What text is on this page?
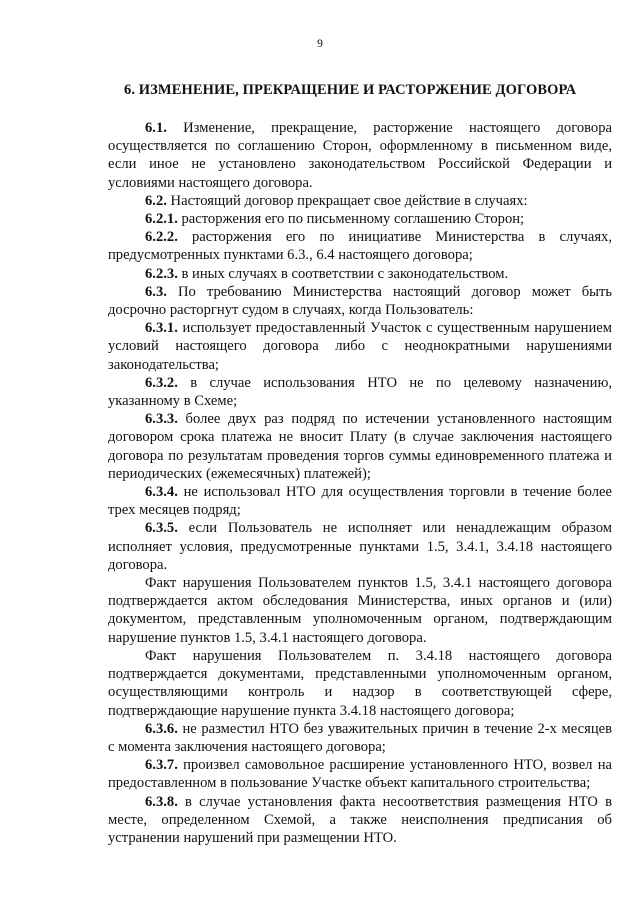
9
6. ИЗМЕНЕНИЕ, ПРЕКРАЩЕНИЕ И РАСТОРЖЕНИЕ ДОГОВОРА

6.1. Изменение, прекращение, расторжение настоящего договора осуществляется по соглашению Сторон, оформленному в письменном виде, если иное не установлено законодательством Российской Федерации и условиями настоящего договора.

6.2. Настоящий договор прекращает свое действие в случаях:

6.2.1. расторжения его по письменному соглашению Сторон;

6.2.2. расторжения его по инициативе Министерства в случаях, предусмотренных пунктами 6.3., 6.4 настоящего договора;

6.2.3. в иных случаях в соответствии с законодательством.

6.3. По требованию Министерства настоящий договор может быть досрочно расторгнут судом в случаях, когда Пользователь:

6.3.1. использует предоставленный Участок с существенным нарушением условий настоящего договора либо с неоднократными нарушениями законодательства;

6.3.2. в случае использования НТО не по целевому назначению, указанному в Схеме;

6.3.3. более двух раз подряд по истечении установленного настоящим договором срока платежа не вносит Плату (в случае заключения настоящего договора по результатам проведения торгов суммы единовременного платежа и периодических (ежемесячных) платежей);

6.3.4. не использовал НТО для осуществления торговли в течение более трех месяцев подряд;

6.3.5. если Пользователь не исполняет или ненадлежащим образом исполняет условия, предусмотренные пунктами 1.5, 3.4.1, 3.4.18 настоящего договора.

Факт нарушения Пользователем пунктов 1.5, 3.4.1 настоящего договора подтверждается актом обследования Министерства, иных органов и (или) документом, представленным уполномоченным органом, подтверждающим нарушение пунктов 1.5, 3.4.1 настоящего договора.

Факт нарушения Пользователем п. 3.4.18 настоящего договора подтверждается документами, представленными уполномоченным органом, осуществляющими контроль и надзор в соответствующей сфере, подтверждающие нарушение пункта 3.4.18 настоящего договора;

6.3.6. не разместил НТО без уважительных причин в течение 2-х месяцев с момента заключения настоящего договора;

6.3.7. произвел самовольное расширение установленного НТО, возвел на предоставленном в пользование Участке объект капитального строительства;

6.3.8. в случае установления факта несоответствия размещения НТО в месте, определенном Схемой, а также неисполнения предписания об устранении нарушений при размещении НТО.
